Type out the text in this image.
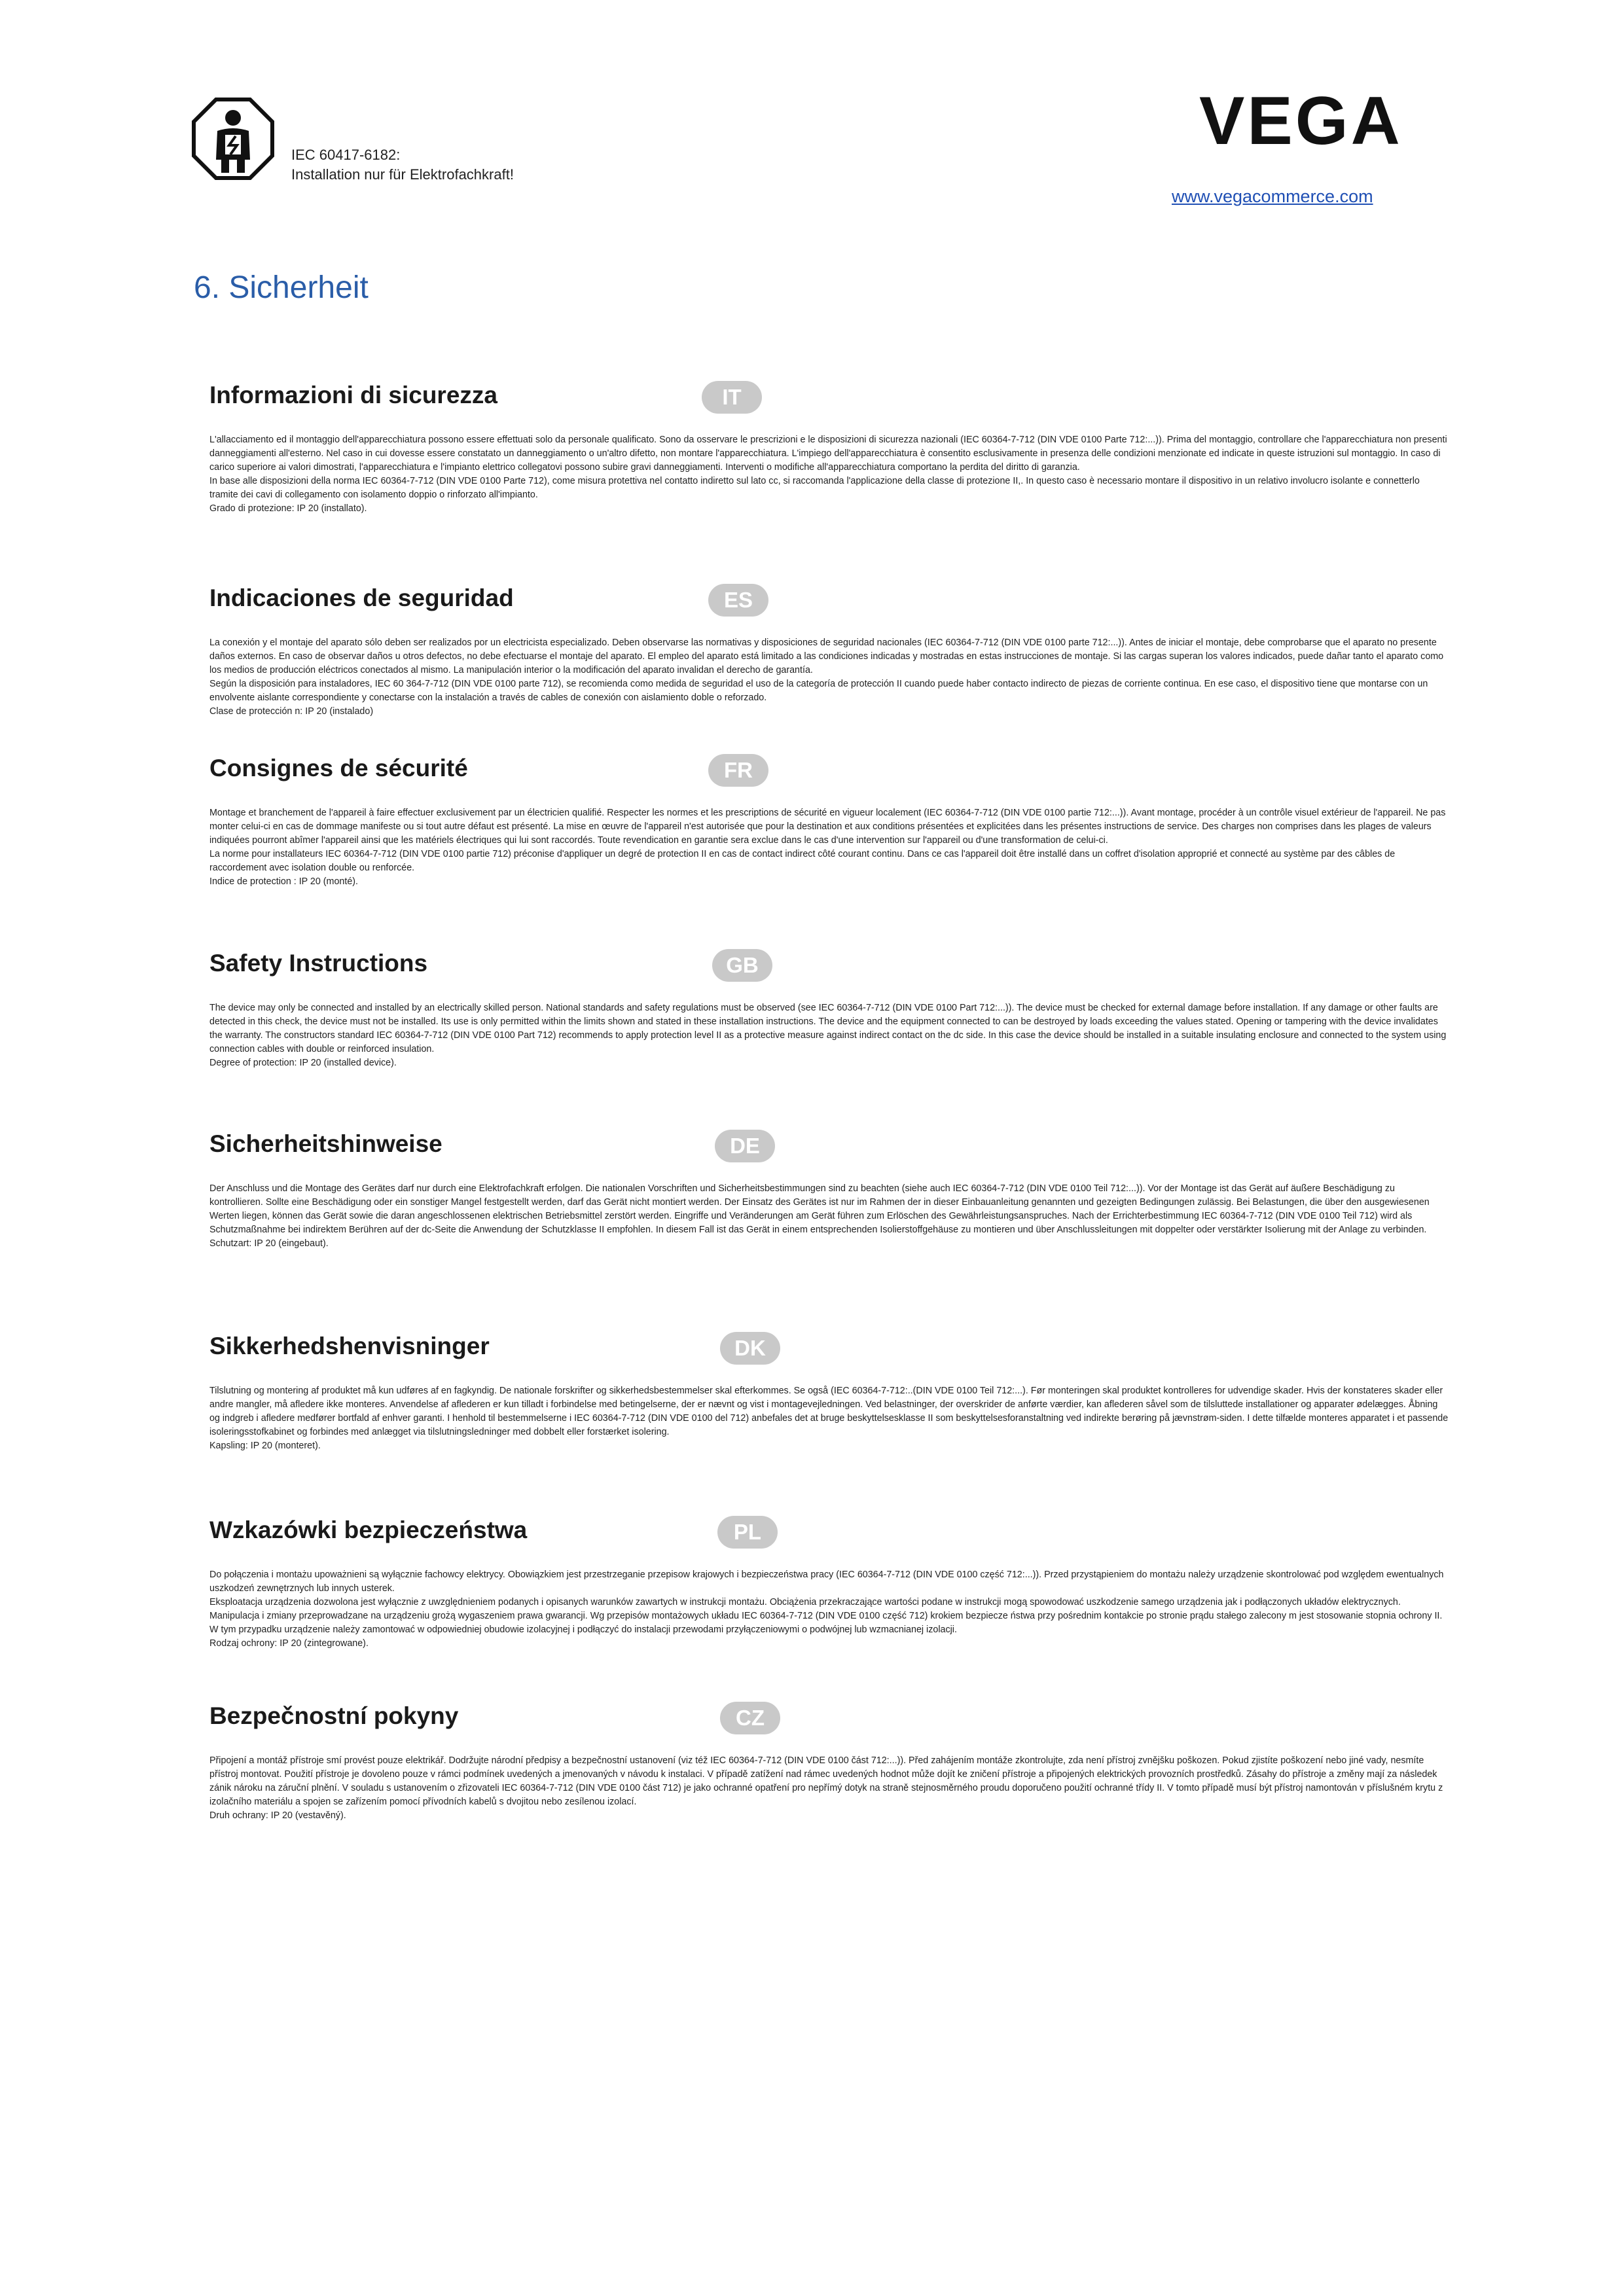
IEC 60417-6182:
Installation nur für Elektrofachkraft!
VEGA
www.vegacommerce.com
6. Sicherheit
Informazioni di sicurezza	IT

L'allacciamento ed il montaggio dell'apparecchiatura possono essere effettuati solo da personale qualificato. Sono da osservare le prescrizioni e le disposizioni di sicurezza nazionali (IEC 60364-7-712 (DIN VDE 0100 Parte 712:...)). Prima del montaggio, controllare che l'apparecchiatura non presenti danneggiamenti all'esterno. Nel caso in cui dovesse essere constatato un danneggiamento o un'altro difetto, non montare l'apparecchiatura. L'impiego dell'apparecchiatura è consentito esclusivamente in presenza delle condizioni menzionate ed indicate in queste istruzioni sul montaggio. In caso di carico superiore ai valori dimostrati, l'apparecchiatura e l'impianto elettrico collegatovi possono subire gravi danneggiamenti. Interventi o modifiche all'apparecchiatura comportano la perdita del diritto di garanzia.

In base alle disposizioni della norma IEC 60364-7-712 (DIN VDE 0100 Parte 712), come misura protettiva nel contatto indiretto sul lato cc, si raccomanda l'applicazione della classe di protezione II,. In questo caso è necessario montare il dispositivo in un relativo involucro isolante e connetterlo tramite dei cavi di collegamento con isolamento doppio o rinforzato all'impianto.

Grado di protezione: IP 20 (installato).

Indicaciones de seguridad	ES

La conexión y el montaje del aparato sólo deben ser realizados por un electricista especializado. Deben observarse las normativas y disposiciones de seguridad nacionales (IEC 60364-7-712 (DIN VDE 0100 parte 712:...)). Antes de iniciar el montaje, debe comprobarse que el aparato no presente daños externos. En caso de observar daños u otros defectos, no debe efectuarse el montaje del aparato. El empleo del aparato está limitado a las condiciones indicadas y mostradas en estas instrucciones de montaje. Si las cargas superan los valores indicados, puede dañar tanto el aparato como los medios de producción eléctricos conectados al mismo. La manipulación interior o la modificación del aparato invalidan el derecho de garantía.

Según la disposición para instaladores, IEC 60 364-7-712 (DIN VDE 0100 parte 712), se recomienda como medida de seguridad el uso de la categoría de protección II cuando puede haber contacto indirecto de piezas de corriente continua. En ese caso, el dispositivo tiene que montarse con un envolvente aislante correspondiente y conectarse con la instalación a través de cables de conexión con aislamiento doble o reforzado.

Clase de protección n: IP 20 (instalado)

Consignes de sécurité	FR

Montage et branchement de l'appareil à faire effectuer exclusivement par un électricien qualifié. Respecter les normes et les prescriptions de sécurité en vigueur localement (IEC 60364-7-712 (DIN VDE 0100 partie 712:...)). Avant montage, procéder à un contrôle visuel extérieur de l'appareil. Ne pas monter celui-ci en cas de dommage manifeste ou si tout autre défaut est présenté. La mise en œuvre de l'appareil n'est autorisée que pour la destination et aux conditions présentées et explicitées dans les présentes instructions de service. Des charges non comprises dans les plages de valeurs indiquées pourront abîmer l'appareil ainsi que les matériels électriques qui lui sont raccordés. Toute revendication en garantie sera exclue dans le cas d'une intervention sur l'appareil ou d'une transformation de celui-ci.

La norme pour installateurs IEC 60364-7-712 (DIN VDE 0100 partie 712) préconise d'appliquer un degré de protection II en cas de contact indirect côté courant continu. Dans ce cas l'appareil doit être installé dans un coffret d'isolation approprié et connecté au système par des câbles de raccordement avec isolation double ou renforcée.

Indice de protection : IP 20 (monté).

Safety Instructions	GB

The device may only be connected and installed by an electrically skilled person. National standards and safety regulations must be observed (see IEC 60364-7-712 (DIN VDE 0100 Part 712:...)). The device must be checked for external damage before installation. If any damage or other faults are detected in this check, the device must not be installed. Its use is only permitted within the limits shown and stated in these installation instructions. The device and the equipment connected to can be destroyed by loads exceeding the values stated. Opening or tampering with the device invalidates the warranty. The constructors standard IEC 60364-7-712 (DIN VDE 0100 Part 712) recommends to apply protection level II as a protective measure against indirect contact on the dc side. In this case the device should be installed in a suitable insulating enclosure and connected to the system using connection cables with double or reinforced insulation.

Degree of protection: IP 20 (installed device).

Sicherheitshinweise	DE

Der Anschluss und die Montage des Gerätes darf nur durch eine Elektrofachkraft erfolgen. Die nationalen Vorschriften und Sicherheitsbestimmungen sind zu beachten (siehe auch IEC 60364-7-712 (DIN VDE 0100 Teil 712:...)). Vor der Montage ist das Gerät auf äußere Beschädigung zu kontrollieren. Sollte eine Beschädigung oder ein sonstiger Mangel festgestellt werden, darf das Gerät nicht montiert werden. Der Einsatz des Gerätes ist nur im Rahmen der in dieser Einbauanleitung genannten und gezeigten Bedingungen zulässig. Bei Belastungen, die über den ausgewiesenen Werten liegen, können das Gerät sowie die daran angeschlossenen elektrischen Betriebsmittel zerstört werden. Eingriffe und Veränderungen am Gerät führen zum Erlöschen des Gewährleistungsanspruches. Nach der Errichterbestimmung IEC 60364-7-712 (DIN VDE 0100 Teil 712) wird als Schutzmaßnahme bei indirektem Berühren auf der dc-Seite die Anwendung der Schutzklasse II empfohlen. In diesem Fall ist das Gerät in einem entsprechenden Isolierstoffgehäuse zu montieren und über Anschlussleitungen mit doppelter oder verstärkter Isolierung mit der Anlage zu verbinden.

Schutzart: IP 20 (eingebaut).

Sikkerhedshenvisninger	DK

Tilslutning og montering af produktet må kun udføres af en fagkyndig. De nationale forskrifter og sikkerhedsbestemmelser skal efterkommes. Se også (IEC 60364-7-712:..(DIN VDE 0100 Teil 712:...). Før monteringen skal produktet kontrolleres for udvendige skader. Hvis der konstateres skader eller andre mangler, må afledere ikke monteres. Anvendelse af aflederen er kun tilladt i forbindelse med betingelserne, der er nævnt og vist i montagevejledningen. Ved belastninger, der overskrider de anførte værdier, kan aflederen såvel som de tilsluttede installationer og apparater ødelægges. Åbning og indgreb i afledere medfører bortfald af enhver garanti. I henhold til bestemmelserne i IEC 60364-7-712 (DIN VDE 0100 del 712) anbefales det at bruge beskyttelsesklasse II som beskyttelsesforanstaltning ved indirekte berøring på jævnstrøm-siden. I dette tilfælde monteres apparatet i et passende isoleringsstofkabinet og forbindes med anlægget via tilslutningsledninger med dobbelt eller forstærket isolering.

Kapsling: IP 20 (monteret).

Wzkazówki bezpieczeństwa	PL

Do połączenia i montażu upoważnieni są wyłącznie fachowcy elektrycy. Obowiązkiem jest przestrzeganie przepisow krajowych i bezpieczeństwa pracy (IEC 60364-7-712 (DIN VDE 0100 część 712:...)). Przed przystąpieniem do montażu należy urządzenie skontrolować pod względem ewentualnych uszkodzeń zewnętrznych lub innych usterek.

Eksploatacja urządzenia dozwolona jest wyłącznie z uwzględnieniem podanych i opisanych warunków zawartych w instrukcji montażu. Obciążenia przekraczające wartości podane w instrukcji mogą spowodować uszkodzenie samego urządzenia jak i podłączonych układów elektrycznych. Manipulacja i zmiany przeprowadzane na urządzeniu grożą wygaszeniem prawa gwarancji. Wg przepisów montażowych układu IEC 60364-7-712 (DIN VDE 0100 część 712) krokiem bezpiecze ństwa przy pośrednim kontakcie po stronie prądu stałego zalecony m jest stosowanie stopnia ochrony II. W tym przypadku urządzenie należy zamontować w odpowiedniej obudowie izolacyjnej i podłączyć do instalacji przewodami przyłączeniowymi o podwójnej lub wzmacnianej izolacji.

Rodzaj ochrony: IP 20 (zintegrowane).

Bezpečnostní pokyny	CZ

Připojení a montáž přístroje smí provést pouze elektrikář. Dodržujte národní předpisy a bezpečnostní ustanovení (viz též IEC 60364-7-712 (DIN VDE 0100 část 712:...)). Před zahájením montáže zkontrolujte, zda není přístroj zvnějšku poškozen. Pokud zjistíte poškození nebo jiné vady, nesmíte přístroj montovat. Použití přístroje je dovoleno pouze v rámci podmínek uvedených a jmenovaných v návodu k instalaci. V případě zatížení nad rámec uvedených hodnot může dojít ke zničení přístroje a připojených elektrických provozních prostředků. Zásahy do přístroje a změny mají za následek zánik nároku na záruční plnění. V souladu s ustanovením o zřizovateli IEC 60364-7-712 (DIN VDE 0100 část 712) je jako ochranné opatření pro nepřímý dotyk na straně stejnosměrného proudu doporučeno použití ochranné třídy II. V tomto případě musí být přístroj namontován v příslušném krytu z izolačního materiálu a spojen se zařízením pomocí přívodních kabelů s dvojitou nebo zesílenou izolací.

Druh ochrany: IP 20 (vestavěný).
